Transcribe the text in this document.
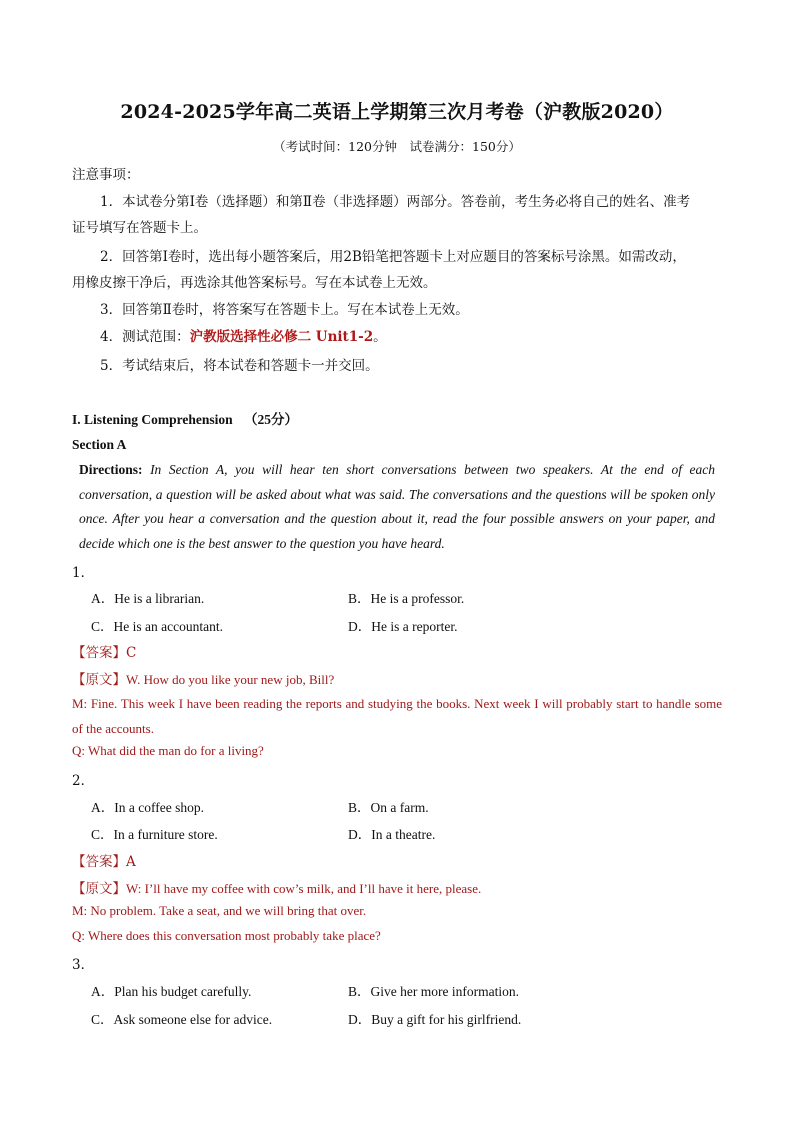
2024-2025学年高二英语上学期第三次月考卷（沪教版2020）
（考试时间：120分钟　试卷满分：150分）
注意事项：
1．本试卷分第Ⅰ卷（选择题）和第Ⅱ卷（非选择题）两部分。答卷前，考生务必将自己的姓名、准考
证号填写在答题卡上。
2．回答第Ⅰ卷时，选出每小题答案后，用2B铅笔把答题卡上对应题目的答案标号涂黑。如需改动，
用橡皮擦干净后，再选涂其他答案标号。写在本试卷上无效。
3．回答第Ⅱ卷时，将答案写在答题卡上。写在本试卷上无效。
4．测试范围：沪教版选择性必修二 Unit1-2。
5．考试结束后，将本试卷和答题卡一并交回。
I. Listening Comprehension （25分）
Section A
Directions: In Section A, you will hear ten short conversations between two speakers. At the end of each conversation, a question will be asked about what was said. The conversations and the questions will be spoken only once. After you hear a conversation and the question about it, read the four possible answers on your paper, and decide which one is the best answer to the question you have heard.
1．
A．He is a librarian.	B．He is a professor.
C．He is an accountant.	D．He is a reporter.
【答案】C
【原文】W. How do you like your new job, Bill?
M: Fine. This week I have been reading the reports and studying the books. Next week I will probably start to handle some of the accounts.
Q: What did the man do for a living?
2．
A．In a coffee shop.	B．On a farm.
C．In a furniture store.	D．In a theatre.
【答案】A
【原文】W: I’ll have my coffee with cow’s milk, and I’ll have it here, please.
M: No problem. Take a seat, and we will bring that over.
Q: Where does this conversation most probably take place?
3．
A．Plan his budget carefully.	B．Give her more information.
C．Ask someone else for advice.	D．Buy a gift for his girlfriend.
